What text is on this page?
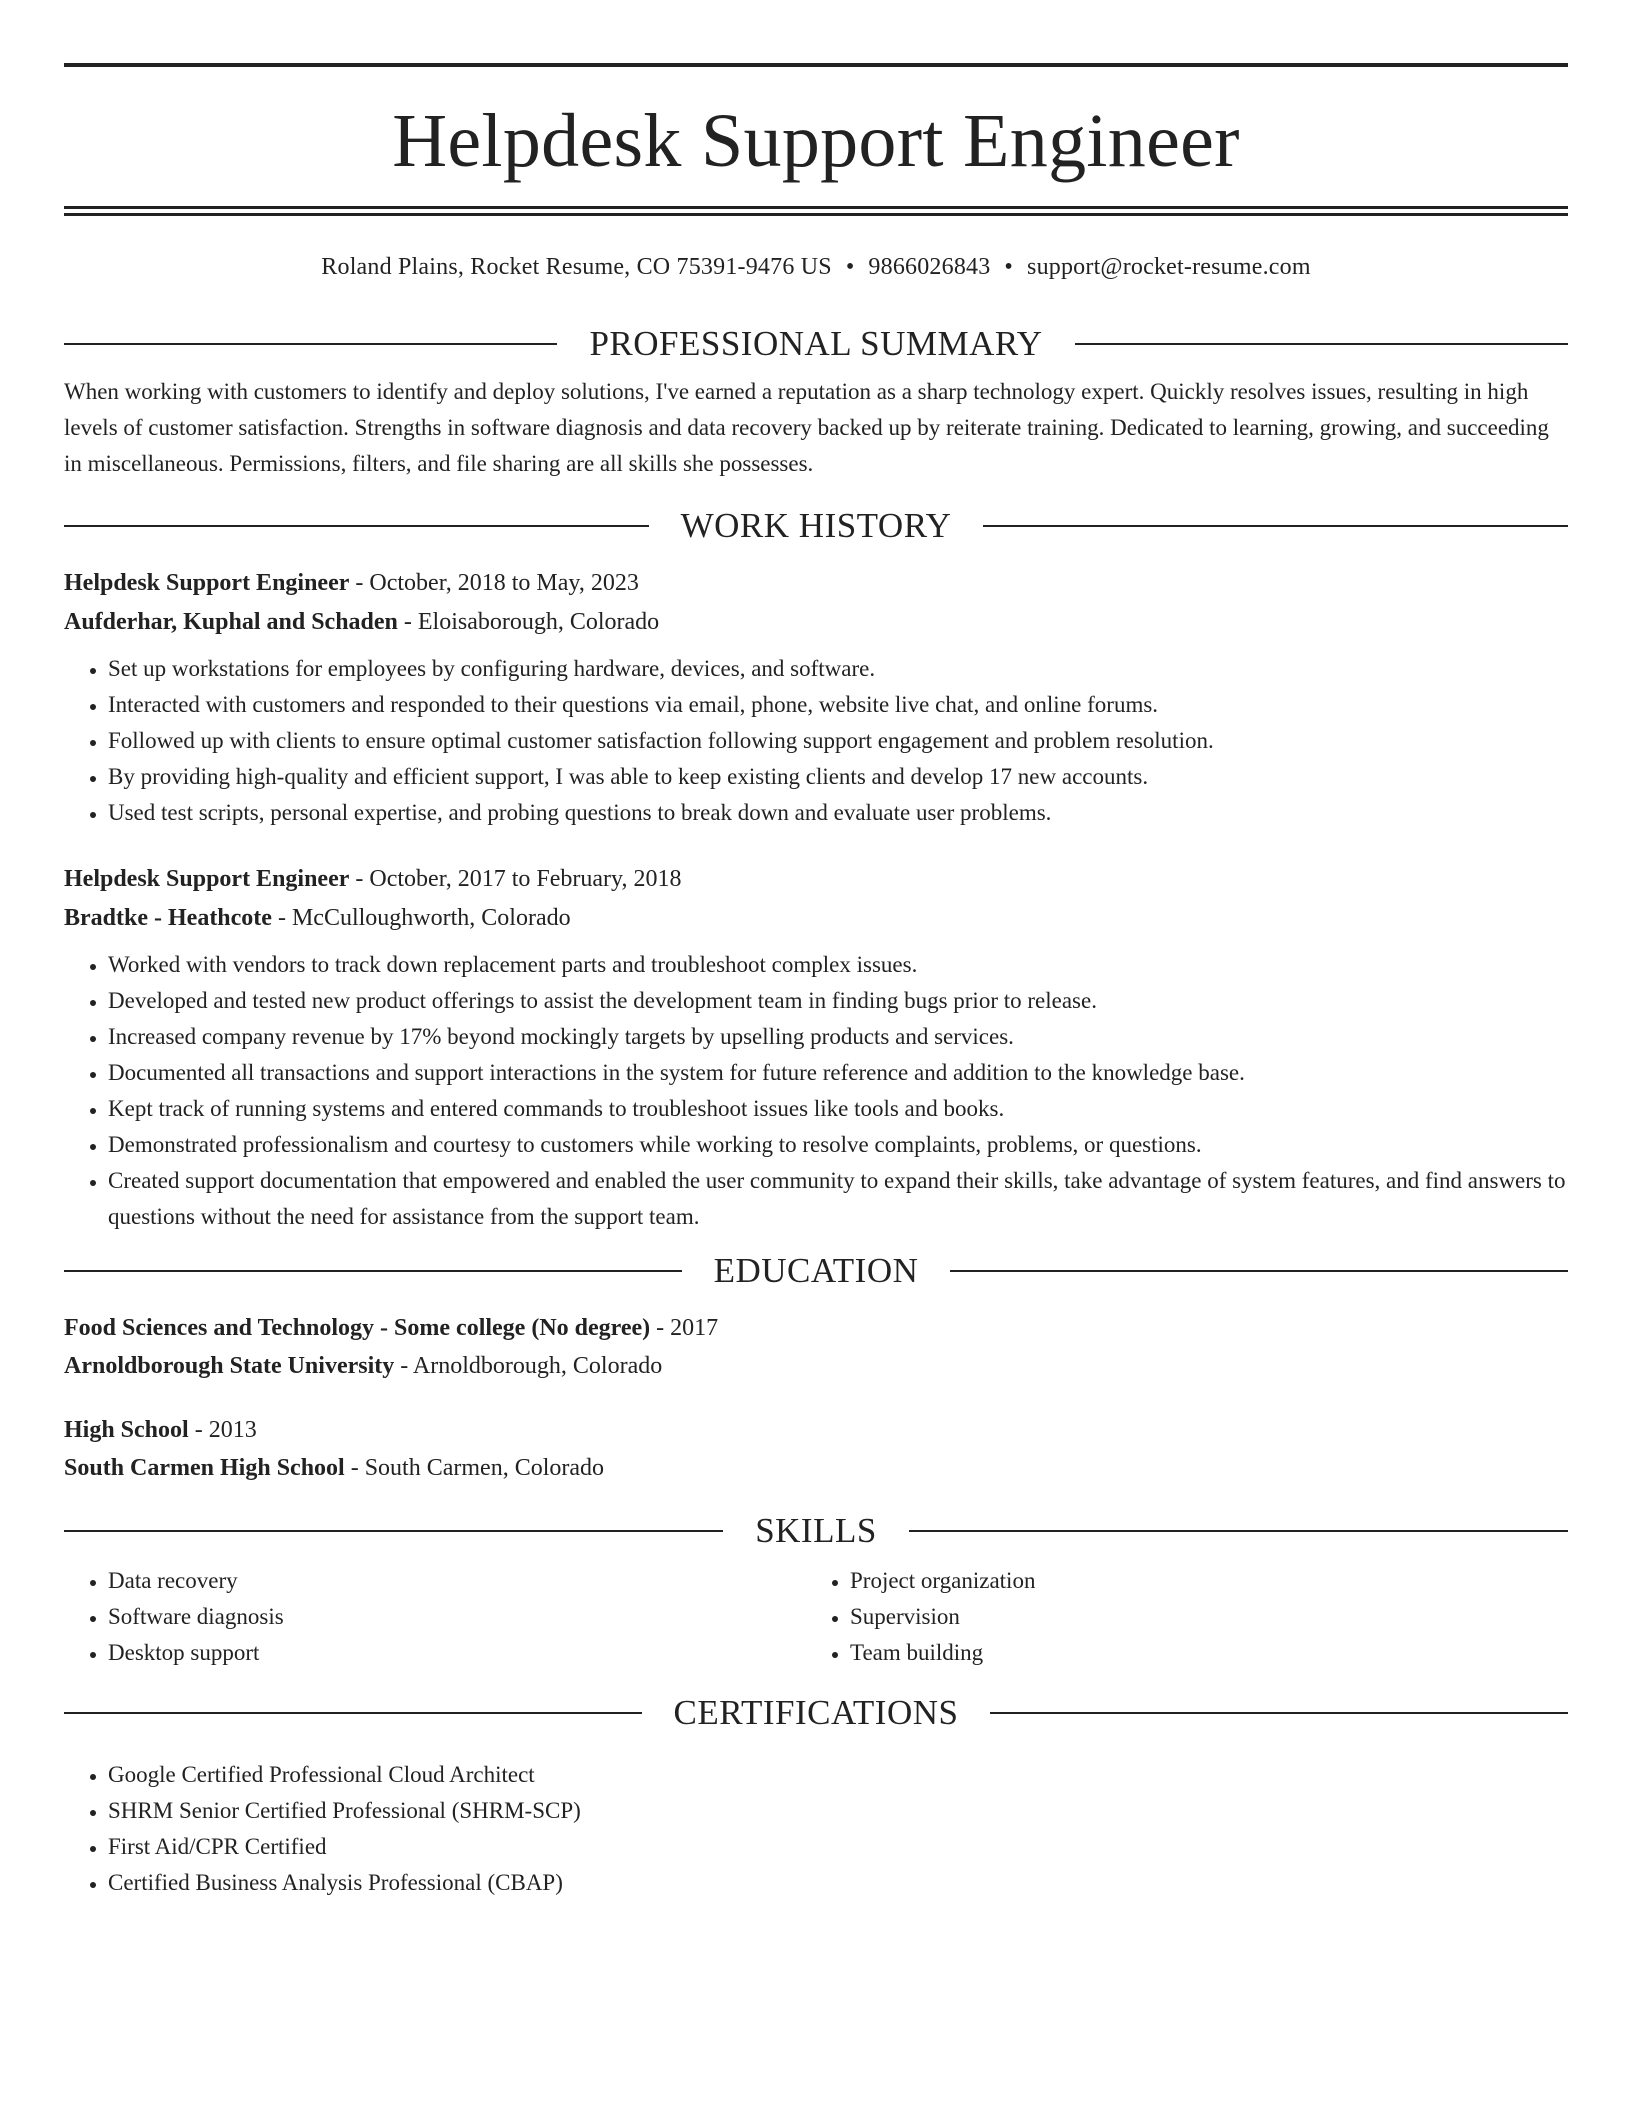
Helpdesk Support Engineer
Roland Plains, Rocket Resume, CO 75391-9476 US • 9866026843 • support@rocket-resume.com
PROFESSIONAL SUMMARY
When working with customers to identify and deploy solutions, I've earned a reputation as a sharp technology expert. Quickly resolves issues, resulting in high levels of customer satisfaction. Strengths in software diagnosis and data recovery backed up by reiterate training. Dedicated to learning, growing, and succeeding in miscellaneous. Permissions, filters, and file sharing are all skills she possesses.
WORK HISTORY
Helpdesk Support Engineer - October, 2018 to May, 2023
Aufderhar, Kuphal and Schaden - Eloisaborough, Colorado
• Set up workstations for employees by configuring hardware, devices, and software.
• Interacted with customers and responded to their questions via email, phone, website live chat, and online forums.
• Followed up with clients to ensure optimal customer satisfaction following support engagement and problem resolution.
• By providing high-quality and efficient support, I was able to keep existing clients and develop 17 new accounts.
• Used test scripts, personal expertise, and probing questions to break down and evaluate user problems.
Helpdesk Support Engineer - October, 2017 to February, 2018
Bradtke - Heathcote - McCulloughworth, Colorado
• Worked with vendors to track down replacement parts and troubleshoot complex issues.
• Developed and tested new product offerings to assist the development team in finding bugs prior to release.
• Increased company revenue by 17% beyond mockingly targets by upselling products and services.
• Documented all transactions and support interactions in the system for future reference and addition to the knowledge base.
• Kept track of running systems and entered commands to troubleshoot issues like tools and books.
• Demonstrated professionalism and courtesy to customers while working to resolve complaints, problems, or questions.
• Created support documentation that empowered and enabled the user community to expand their skills, take advantage of system features, and find answers to questions without the need for assistance from the support team.
EDUCATION
Food Sciences and Technology - Some college (No degree) - 2017
Arnoldborough State University - Arnoldborough, Colorado
High School - 2013
South Carmen High School - South Carmen, Colorado
SKILLS
• Data recovery
• Software diagnosis
• Desktop support
• Project organization
• Supervision
• Team building
CERTIFICATIONS
• Google Certified Professional Cloud Architect
• SHRM Senior Certified Professional (SHRM-SCP)
• First Aid/CPR Certified
• Certified Business Analysis Professional (CBAP)
